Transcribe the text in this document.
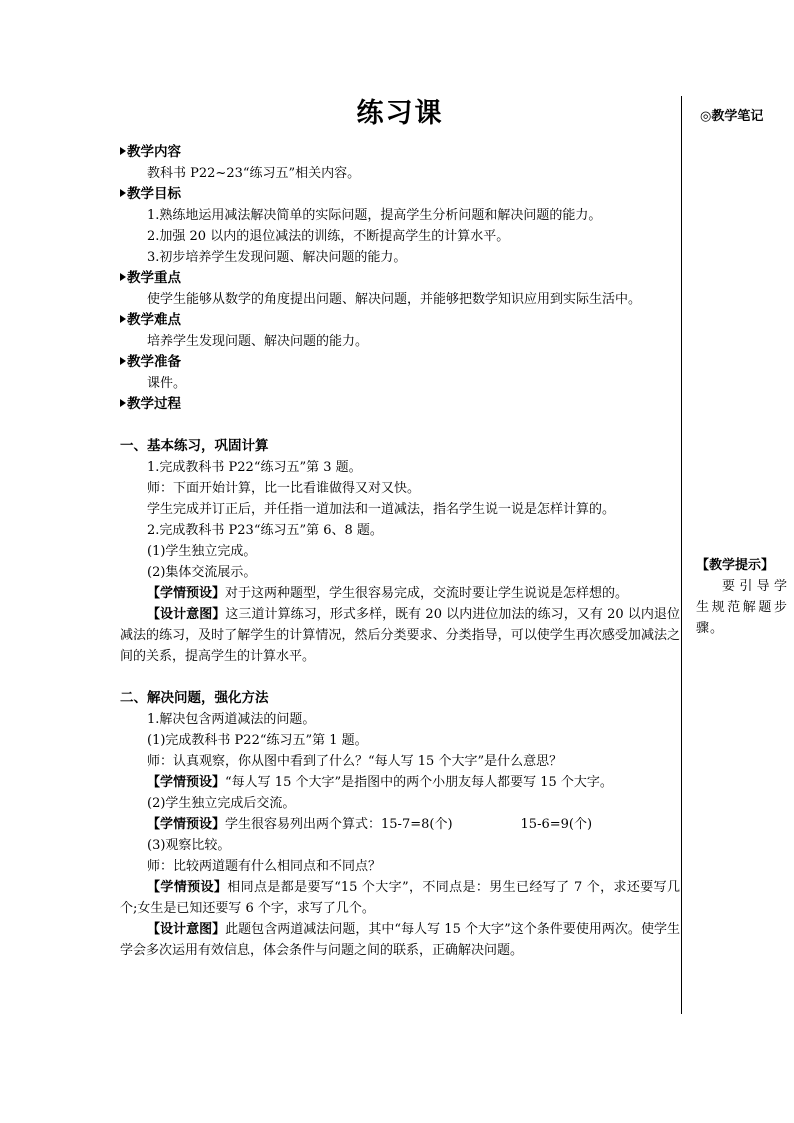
练习课
教学内容
教科书 P22~23“练习五”相关内容。
教学目标
1.熟练地运用减法解决简单的实际问题，提高学生分析问题和解决问题的能力。
2.加强 20 以内的退位减法的训练，不断提高学生的计算水平。
3.初步培养学生发现问题、解决问题的能力。
教学重点
使学生能够从数学的角度提出问题、解决问题，并能够把数学知识应用到实际生活中。
教学难点
培养学生发现问题、解决问题的能力。
教学准备
课件。
教学过程
一、基本练习，巩固计算
1.完成教科书 P22“练习五”第 3 题。
师：下面开始计算，比一比看谁做得又对又快。
学生完成并订正后，并任指一道加法和一道减法，指名学生说一说是怎样计算的。
2.完成教科书 P23“练习五”第 6、8 题。
(1)学生独立完成。
(2)集体交流展示。
【学情预设】对于这两种题型，学生很容易完成，交流时要让学生说说是怎样想的。
【设计意图】这三道计算练习，形式多样，既有 20 以内进位加法的练习，又有 20 以内退位减法的练习，及时了解学生的计算情况，然后分类要求、分类指导，可以使学生再次感受加减法之间的关系，提高学生的计算水平。
二、解决问题，强化方法
1.解决包含两道减法的问题。
(1)完成教科书 P22“练习五”第 1 题。
师：认真观察，你从图中看到了什么？“每人写 15 个大字”是什么意思？
【学情预设】“每人写 15 个大字”是指图中的两个小朋友每人都要写 15 个大字。
(2)学生独立完成后交流。
【学情预设】学生很容易列出两个算式：15-7=8(个)	15-6=9(个)
(3)观察比较。
师：比较两道题有什么相同点和不同点？
【学情预设】相同点是都是要写“15 个大字”，不同点是：男生已经写了 7 个，求还要写几个;女生是已知还要写 6 个字，求写了几个。
【设计意图】此题包含两道减法问题，其中“每人写 15 个大字”这个条件要使用两次。使学生学会多次运用有效信息，体会条件与问题之间的联系，正确解决问题。
◎教学笔记
【教学提示】
要引导学生规范解题步骤。
